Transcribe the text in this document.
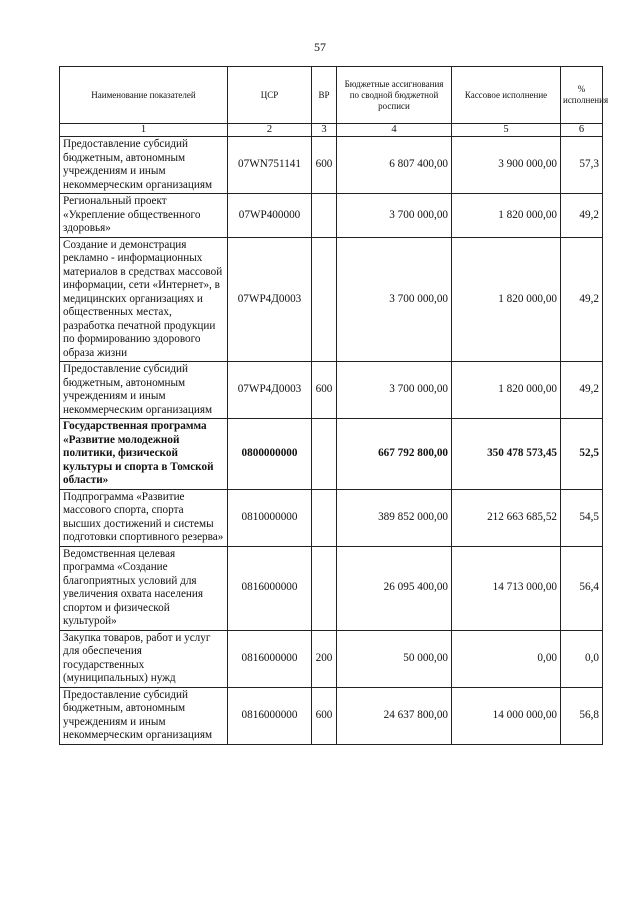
57
Наименование показателей	ЦСР	ВР	Бюджетные ассигнования по сводной бюджетной росписи	Кассовое исполнение	% исполнения
1	2	3	4	5	6
Предоставление субсидий бюджетным, автономным учреждениям и иным некоммерческим организациям	07WN751141	600	6 807 400,00	3 900 000,00	57,3
Региональный проект «Укрепление общественного здоровья»	07WP400000		3 700 000,00	1 820 000,00	49,2
Создание и демонстрация рекламно - информационных материалов в средствах массовой информации, сети «Интернет», в медицинских организациях и общественных местах, разработка печатной продукции по формированию здорового образа жизни	07WP4Д0003		3 700 000,00	1 820 000,00	49,2
Предоставление субсидий бюджетным, автономным учреждениям и иным некоммерческим организациям	07WP4Д0003	600	3 700 000,00	1 820 000,00	49,2
Государственная программа «Развитие молодежной политики, физической культуры и спорта в Томской области»	0800000000		667 792 800,00	350 478 573,45	52,5
Подпрограмма «Развитие массового спорта, спорта высших достижений и системы подготовки спортивного резерва»	0810000000		389 852 000,00	212 663 685,52	54,5
Ведомственная целевая программа «Создание благоприятных условий для увеличения охвата населения спортом и физической культурой»	0816000000		26 095 400,00	14 713 000,00	56,4
Закупка товаров, работ и услуг для обеспечения государственных (муниципальных) нужд	0816000000	200	50 000,00	0,00	0,0
Предоставление субсидий бюджетным, автономным учреждениям и иным некоммерческим организациям	0816000000	600	24 637 800,00	14 000 000,00	56,8
